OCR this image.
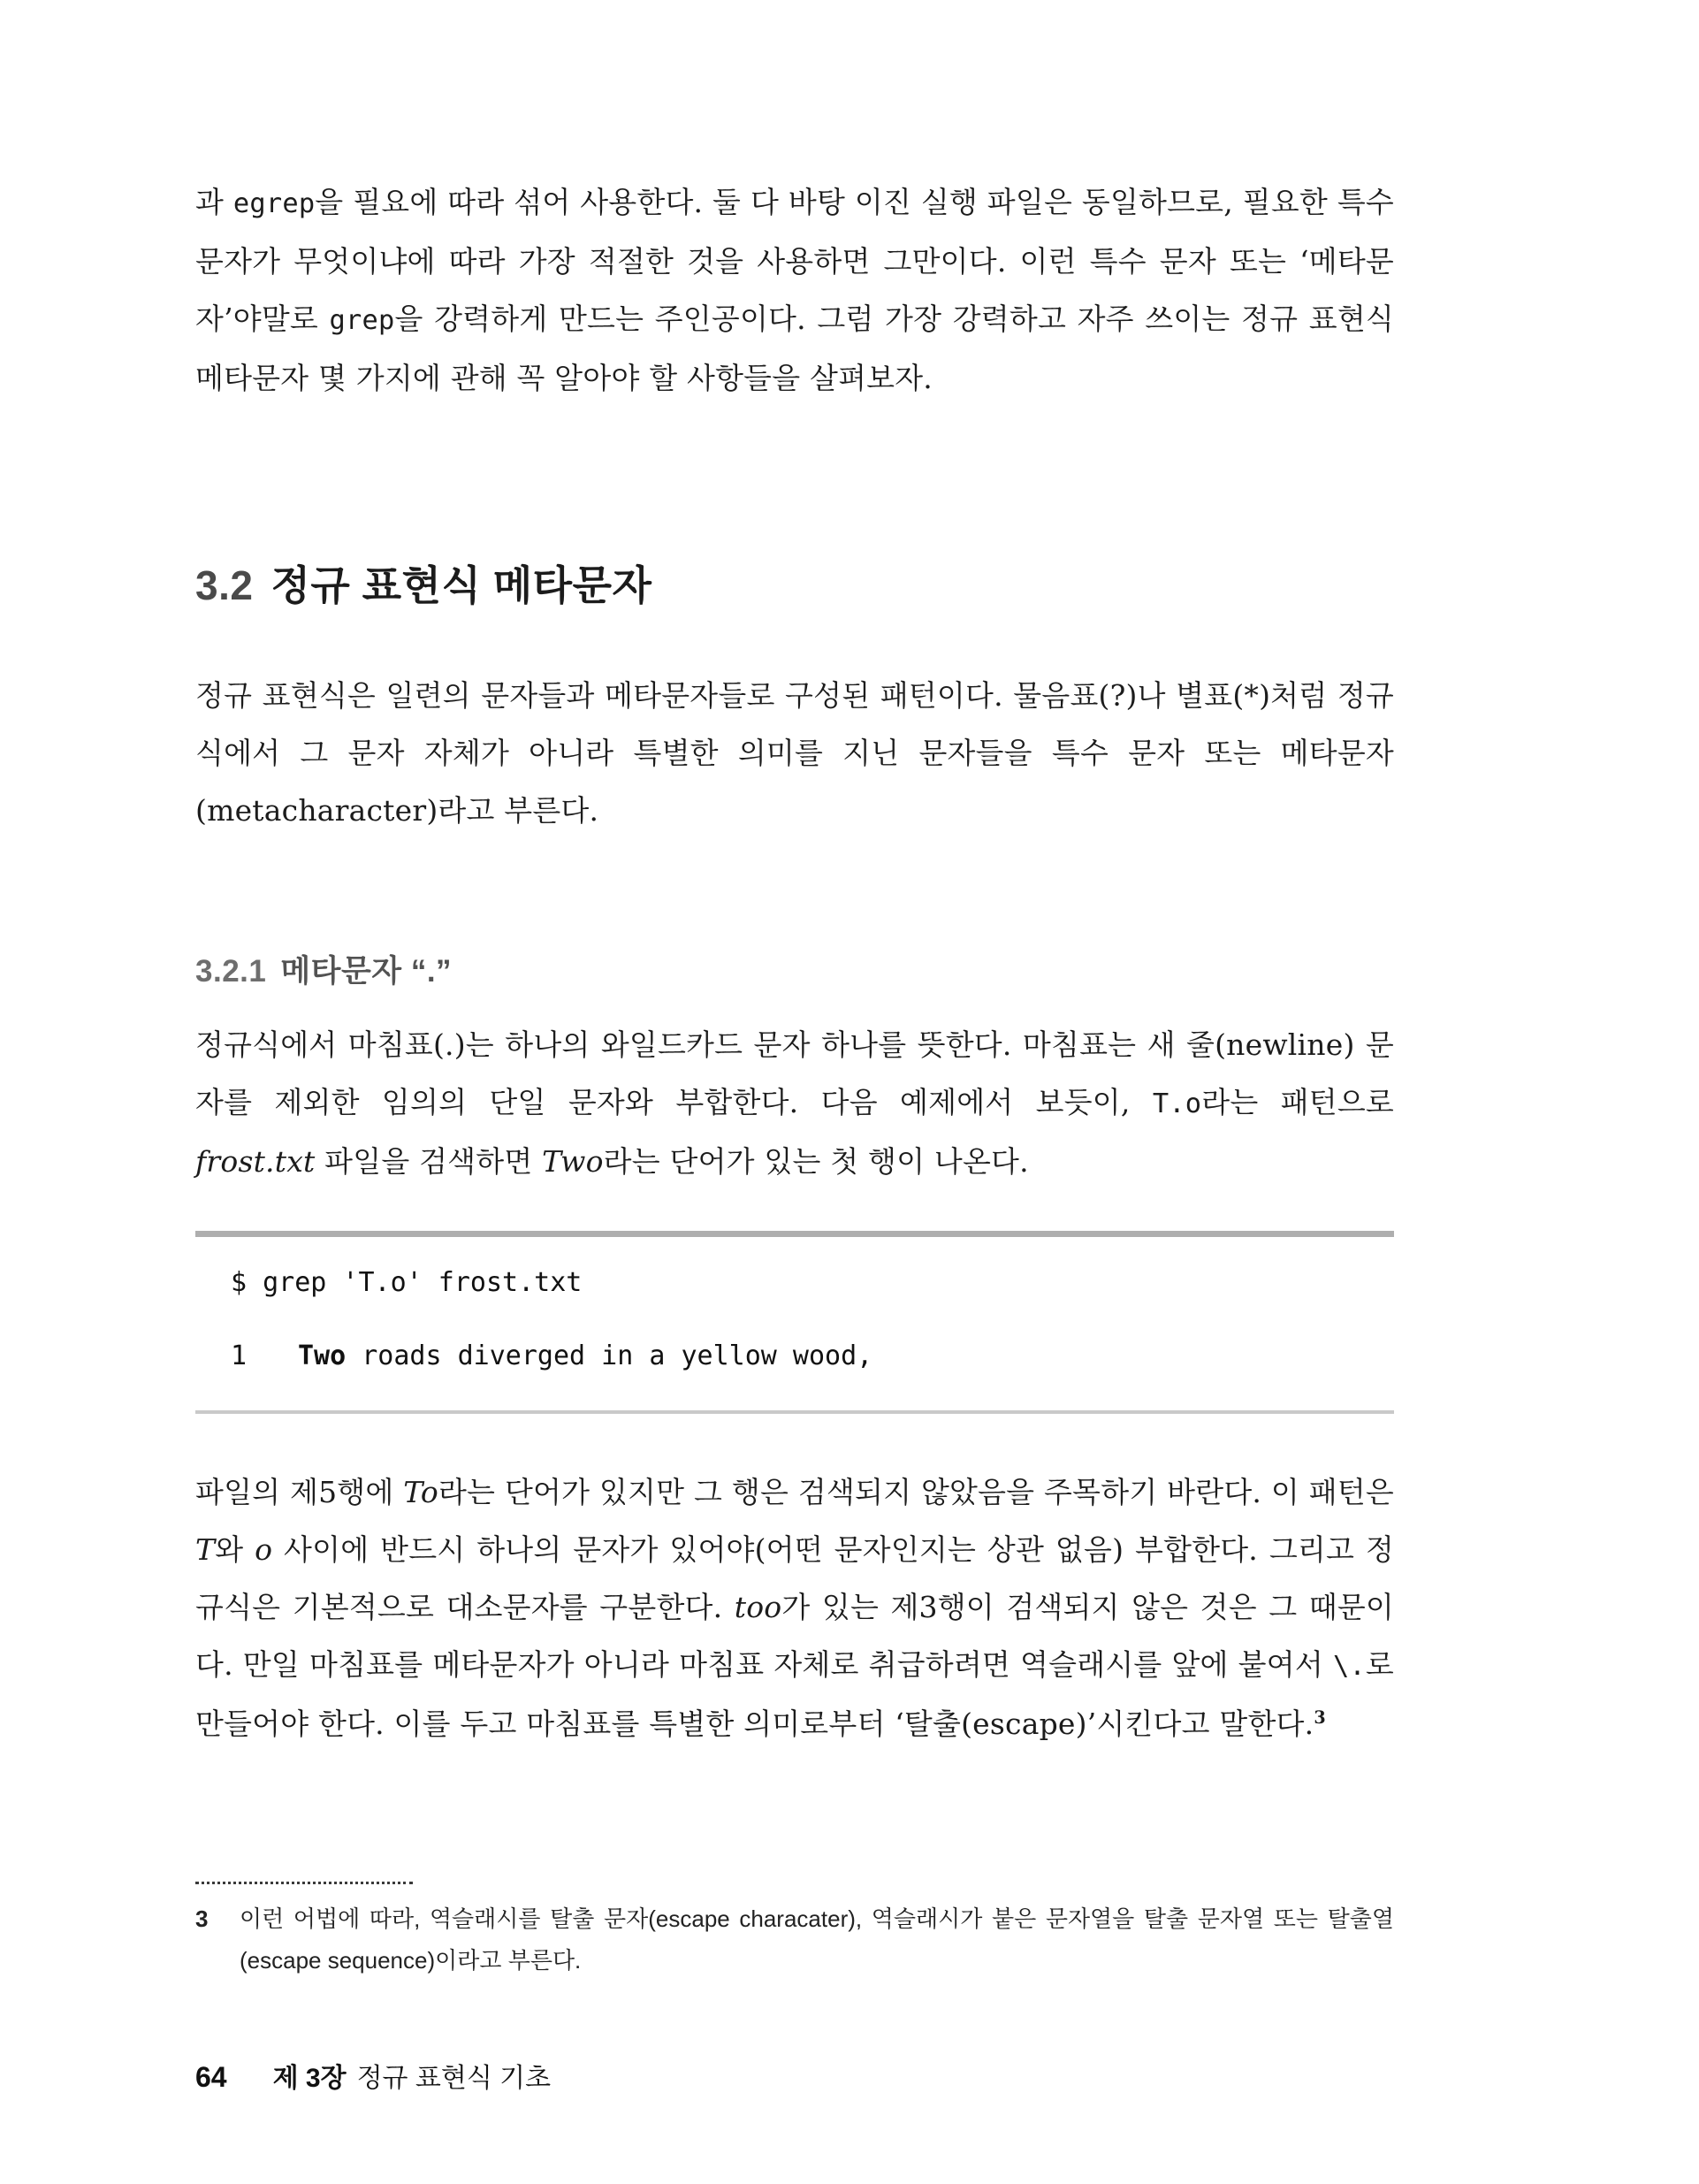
과 egrep을 필요에 따라 섞어 사용한다. 둘 다 바탕 이진 실행 파일은 동일하므로, 필요한 특수 문자가 무엇이냐에 따라 가장 적절한 것을 사용하면 그만이다. 이런 특수 문자 또는 ‘메타문자’야말로 grep을 강력하게 만드는 주인공이다. 그럼 가장 강력하고 자주 쓰이는 정규 표현식 메타문자 몇 가지에 관해 꼭 알아야 할 사항들을 살펴보자.

3.2 정규 표현식 메타문자

정규 표현식은 일련의 문자들과 메타문자들로 구성된 패턴이다. 물음표(?)나 별표(*)처럼 정규식에서 그 문자 자체가 아니라 특별한 의미를 지닌 문자들을 특수 문자 또는 메타문자(metacharacter)라고 부른다.

3.2.1 메타문자 “.”

정규식에서 마침표(.)는 하나의 와일드카드 문자 하나를 뜻한다. 마침표는 새 줄(newline) 문자를 제외한 임의의 단일 문자와 부합한다. 다음 예제에서 보듯이, T.o라는 패턴으로 frost.txt 파일을 검색하면 Two라는 단어가 있는 첫 행이 나온다.

$ grep 'T.o' frost.txt

1 Two roads diverged in a yellow wood,

파일의 제5행에 To라는 단어가 있지만 그 행은 검색되지 않았음을 주목하기 바란다. 이 패턴은 T와 o 사이에 반드시 하나의 문자가 있어야(어떤 문자인지는 상관 없음) 부합한다. 그리고 정규식은 기본적으로 대소문자를 구분한다. too가 있는 제3행이 검색되지 않은 것은 그 때문이다. 만일 마침표를 메타문자가 아니라 마침표 자체로 취급하려면 역슬래시를 앞에 붙여서 \.로 만들어야 한다. 이를 두고 마침표를 특별한 의미로부터 ‘탈출(escape)’시킨다고 말한다.$^3$

3	이런 어법에 따라, 역슬래시를 탈출 문자(escape characater), 역슬래시가 붙은 문자열을 탈출 문자열 또는 탈출열(escape sequence)이라고 부른다.

64 제 3장 정규 표현식 기초
